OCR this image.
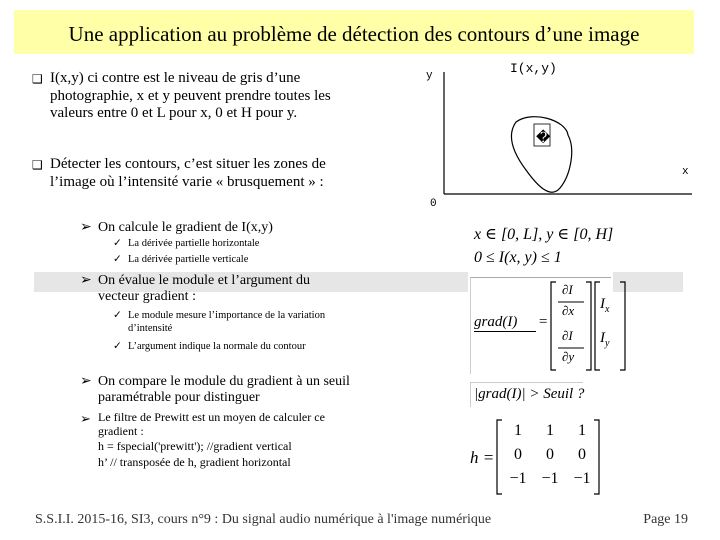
Une application au problème de détection des contours d’une image
❑ I(x,y) ci contre est le niveau de gris d’une photographie, x et y peuvent prendre toutes les valeurs entre 0 et L pour x, 0 et H pour y.
❑ Détecter les contours, c’est situer les zones de l’image où l’intensité varie « brusquement » :
➢ On calcule le gradient de I(x,y)
✓ La dérivée partielle horizontale
✓ La dérivée partielle verticale
➢ On évalue le module et l’argument du vecteur gradient :
✓ Le module mesure l’importance de la variation d’intensité
✓ L’argument indique la normale du contour
➢ On compare le module du gradient à un seuil paramétrable pour distinguer
➢ Le filtre de Prewitt est un moyen de calculer ce gradient :
h = fspecial('prewitt'); //gradient vertical
h’ // transposée de h, gradient horizontal
�
y
x
0
I(x,y)
x ∈ [0, L], y ∈ [0, H]
0 ≤ I(x, y) ≤ 1
grad(I) =
∂I
∂x
∂I
∂y
$I_x$
$I_y$
|grad(I)| > Seuil ?
h =
1 1 1
0 0 0
−1 −1 −1
S.S.I.I. 2015-16, SI3, cours n°9 : Du signal audio numérique à l'image numérique	Page 19
